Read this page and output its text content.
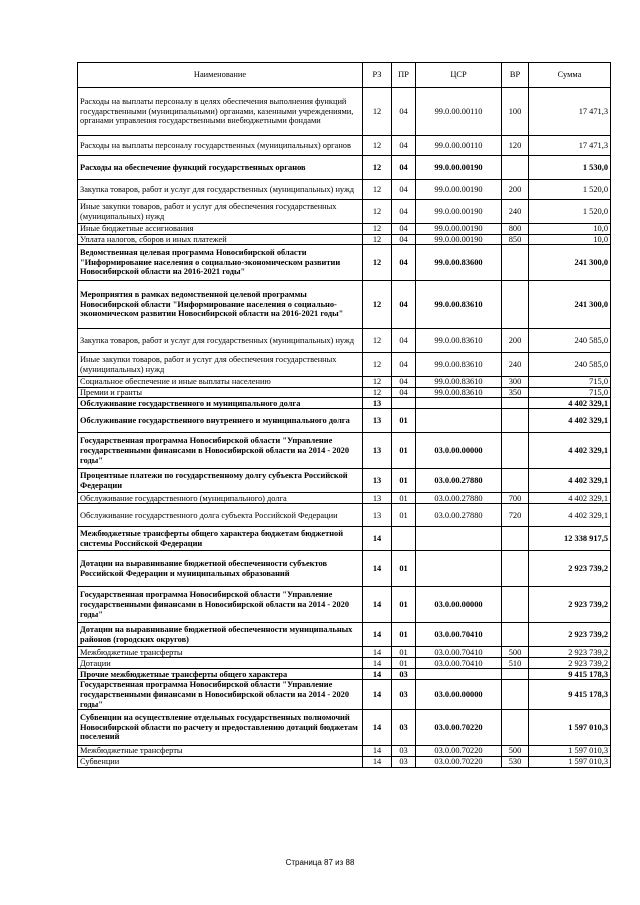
Наименование	РЗ	ПР	ЦСР	ВР	Сумма
Расходы на выплаты персоналу в целях обеспечения выполнения функций государственными (муниципальными) органами, казенными учреждениями, органами управления государственными внебюджетными фондами	12	04	99.0.00.00110	100	17 471,3
Расходы на выплаты персоналу государственных (муниципальных) органов	12	04	99.0.00.00110	120	17 471,3
Расходы на обеспечение функций государственных органов	12	04	99.0.00.00190		1 530,0
Закупка товаров, работ и услуг для государственных (муниципальных) нужд	12	04	99.0.00.00190	200	1 520,0
Иные закупки товаров, работ и услуг для обеспечения государственных (муниципальных) нужд	12	04	99.0.00.00190	240	1 520,0
Иные бюджетные ассигнования	12	04	99.0.00.00190	800	10,0
Уплата налогов, сборов и иных платежей	12	04	99.0.00.00190	850	10,0
Ведомственная целевая программа Новосибирской области "Информирование населения о социально-экономическом развитии Новосибирской области на 2016-2021 годы"	12	04	99.0.00.83600		241 300,0
Мероприятия в рамках ведомственной целевой программы Новосибирской области "Информирование населения о социально-экономическом развитии Новосибирской области на 2016-2021 годы"	12	04	99.0.00.83610		241 300,0
Закупка товаров, работ и услуг для государственных (муниципальных) нужд	12	04	99.0.00.83610	200	240 585,0
Иные закупки товаров, работ и услуг для обеспечения государственных (муниципальных) нужд	12	04	99.0.00.83610	240	240 585,0
Социальное обеспечение и иные выплаты населению	12	04	99.0.00.83610	300	715,0
Премии и гранты	12	04	99.0.00.83610	350	715,0
Обслуживание государственного и муниципального долга	13				4 402 329,1
Обслуживание государственного внутреннего и муниципального долга	13	01			4 402 329,1
Государственная программа Новосибирской области "Управление государственными финансами в Новосибирской области на 2014 - 2020 годы"	13	01	03.0.00.00000		4 402 329,1
Процентные платежи по государственному долгу субъекта Российской Федерации	13	01	03.0.00.27880		4 402 329,1
Обслуживание государственного (муниципального) долга	13	01	03.0.00.27880	700	4 402 329,1
Обслуживание государственного долга субъекта Российской Федерации	13	01	03.0.00.27880	720	4 402 329,1
Межбюджетные трансферты общего характера бюджетам бюджетной системы Российской Федерации	14				12 338 917,5
Дотации на выравнивание бюджетной обеспеченности субъектов Российской Федерации и муниципальных образований	14	01			2 923 739,2
Государственная программа Новосибирской области "Управление государственными финансами в Новосибирской области на 2014 - 2020 годы"	14	01	03.0.00.00000		2 923 739,2
Дотации на выравнивание бюджетной обеспеченности муниципальных районов (городских округов)	14	01	03.0.00.70410		2 923 739,2
Межбюджетные трансферты	14	01	03.0.00.70410	500	2 923 739,2
Дотации	14	01	03.0.00.70410	510	2 923 739,2
Прочие межбюджетные трансферты общего характера	14	03			9 415 178,3
Государственная программа Новосибирской области "Управление государственными финансами в Новосибирской области на 2014 - 2020 годы"	14	03	03.0.00.00000		9 415 178,3
Субвенции на осуществление отдельных государственных полномочий Новосибирской области по расчету и предоставлению дотаций бюджетам поселений	14	03	03.0.00.70220		1 597 010,3
Межбюджетные трансферты	14	03	03.0.00.70220	500	1 597 010,3
Субвенции	14	03	03.0.00.70220	530	1 597 010,3
Страница 87 из 88
